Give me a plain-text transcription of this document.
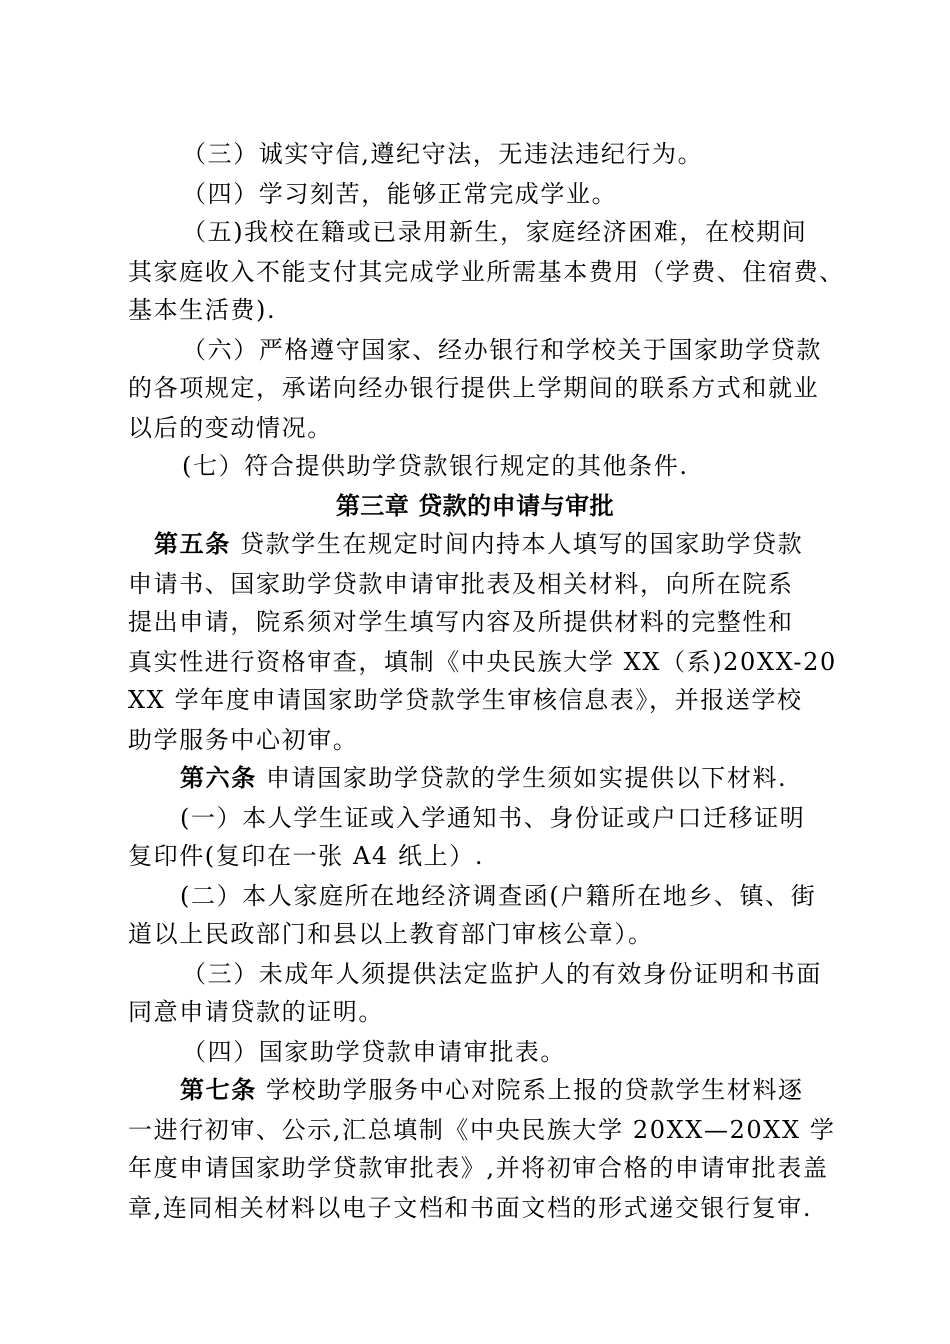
（三）诚实守信,遵纪守法，无违法违纪行为。

（四）学习刻苦，能够正常完成学业。

（五)我校在籍或已录用新生，家庭经济困难，在校期间

其家庭收入不能支付其完成学业所需基本费用（学费、住宿费、

基本生活费).

（六）严格遵守国家、经办银行和学校关于国家助学贷款

的各项规定，承诺向经办银行提供上学期间的联系方式和就业

以后的变动情况。

(七）符合提供助学贷款银行规定的其他条件.

第三章 贷款的申请与审批

第五条 贷款学生在规定时间内持本人填写的国家助学贷款

申请书、国家助学贷款申请审批表及相关材料，向所在院系

提出申请，院系须对学生填写内容及所提供材料的完整性和

真实性进行资格审查，填制《中央民族大学 XX（系)20XX-20

XX 学年度申请国家助学贷款学生审核信息表》，并报送学校

助学服务中心初审。

第六条 申请国家助学贷款的学生须如实提供以下材料.

(一）本人学生证或入学通知书、身份证或户口迁移证明

复印件(复印在一张 A4 纸上）.

(二）本人家庭所在地经济调查函(户籍所在地乡、镇、街

道以上民政部门和县以上教育部门审核公章）。

（三）未成年人须提供法定监护人的有效身份证明和书面

同意申请贷款的证明。

（四）国家助学贷款申请审批表。

第七条 学校助学服务中心对院系上报的贷款学生材料逐

一进行初审、公示,汇总填制《中央民族大学 20XX—20XX 学

年度申请国家助学贷款审批表》,并将初审合格的申请审批表盖

章,连同相关材料以电子文档和书面文档的形式递交银行复审.
